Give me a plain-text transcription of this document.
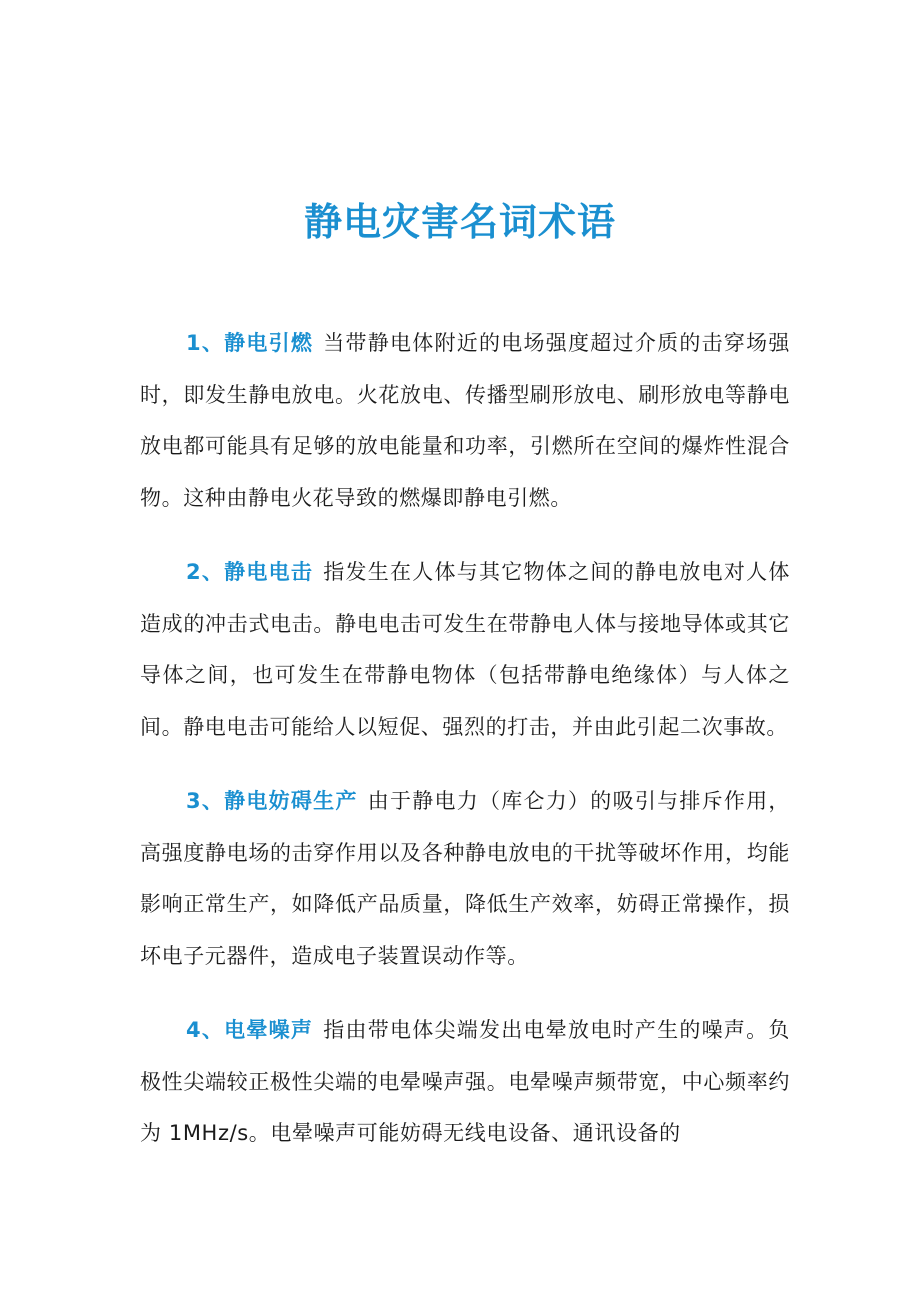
静电灾害名词术语

1、静电引燃 当带静电体附近的电场强度超过介质的击穿场强时，即发生静电放电。火花放电、传播型刷形放电、刷形放电等静电放电都可能具有足够的放电能量和功率，引燃所在空间的爆炸性混合物。这种由静电火花导致的燃爆即静电引燃。

2、静电电击 指发生在人体与其它物体之间的静电放电对人体造成的冲击式电击。静电电击可发生在带静电人体与接地导体或其它导体之间，也可发生在带静电物体（包括带静电绝缘体）与人体之间。静电电击可能给人以短促、强烈的打击，并由此引起二次事故。

3、静电妨碍生产 由于静电力（库仑力）的吸引与排斥作用，高强度静电场的击穿作用以及各种静电放电的干扰等破坏作用，均能影响正常生产，如降低产品质量，降低生产效率，妨碍正常操作，损坏电子元器件，造成电子装置误动作等。

4、电晕噪声 指由带电体尖端发出电晕放电时产生的噪声。负极性尖端较正极性尖端的电晕噪声强。电晕噪声频带宽，中心频率约为 1MHz/s。电晕噪声可能妨碍无线电设备、通讯设备的
